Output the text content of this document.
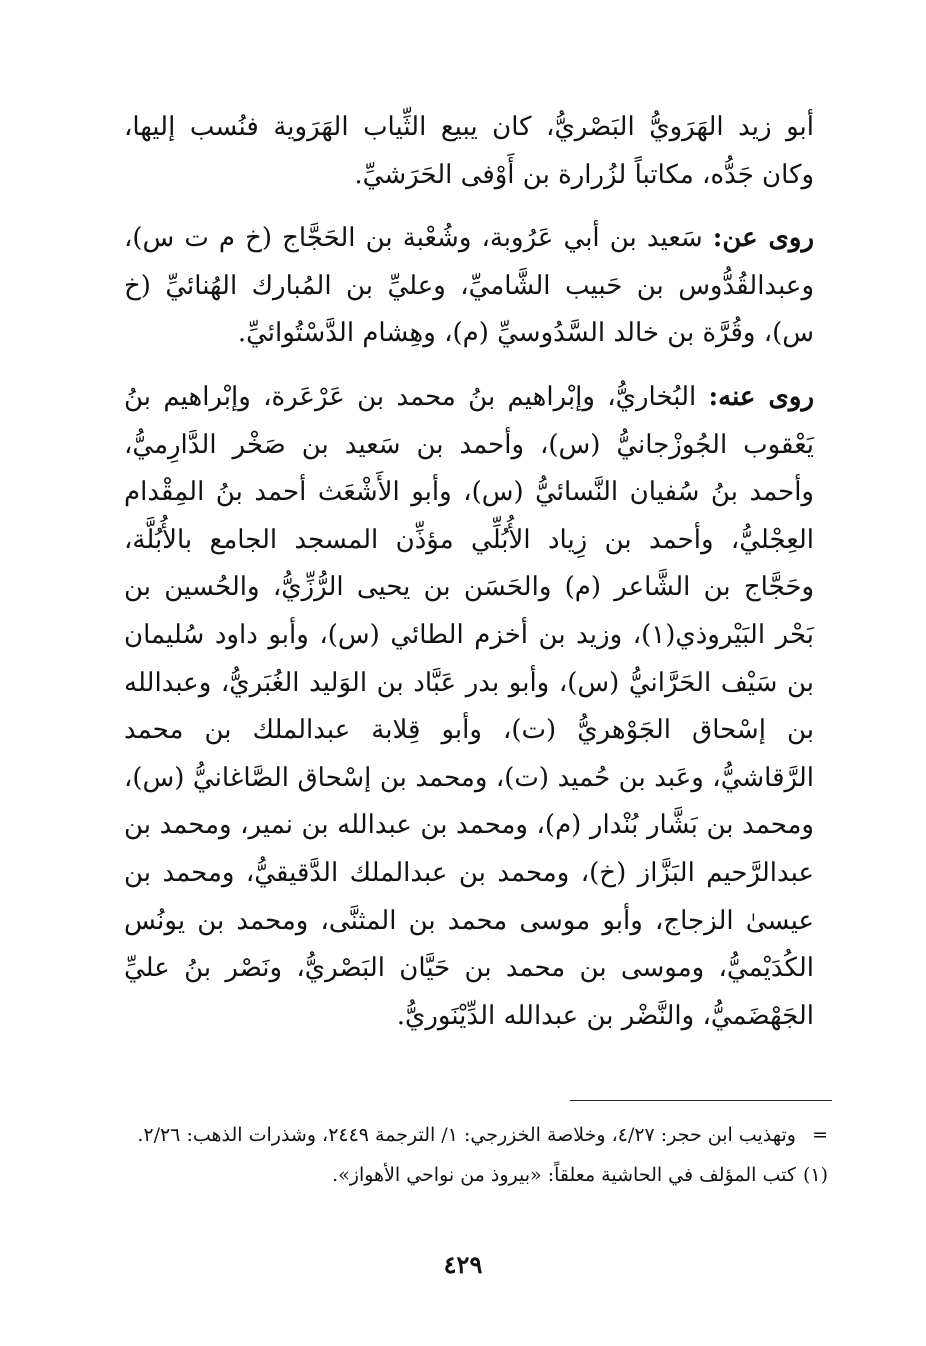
أبو زيد الهَرَويُّ البَصْريُّ، كان يبيع الثِّياب الهَرَوية فنُسب إليها، وكان جَدُّه، مكاتباً لزُرارة بن أَوْفى الحَرَشيِّ.

روى عن: سَعيد بن أبي عَرُوبة، وشُعْبة بن الحَجَّاج (خ م ت س)، وعبدالقُدُّوس بن حَبيب الشَّاميِّ، وعليِّ بن المُبارك الهُنائيِّ (خ س)، وقُرَّة بن خالد السَّدُوسيِّ (م)، وهِشام الدَّسْتُوائيِّ.

روى عنه: البُخاريُّ، وإبْراهيم بنُ محمد بن عَرْعَرة، وإبْراهيم بنُ يَعْقوب الجُوزْجانيُّ (س)، وأحمد بن سَعيد بن صَخْر الدَّارِميُّ، وأحمد بنُ سُفيان النَّسائيُّ (س)، وأبو الأَشْعَث أحمد بنُ المِقْدام العِجْليُّ، وأحمد بن زِياد الأُبُلِّي مؤذِّن المسجد الجامع بالأُبُلَّة، وحَجَّاج بن الشَّاعر (م) والحَسَن بن يحيى الرُّزِّيُّ، والحُسين بن بَحْر البَيْروذي(١)، وزيد بن أخزم الطائي (س)، وأبو داود سُليمان بن سَيْف الحَرَّانيُّ (س)، وأبو بدر عَبَّاد بن الوَليد الغُبَريُّ، وعبدالله بن إسْحاق الجَوْهريُّ (ت)، وأبو قِلابة عبدالملك بن محمد الرَّقاشيُّ، وعَبد بن حُميد (ت)، ومحمد بن إسْحاق الصَّاغانيُّ (س)، ومحمد بن بَشَّار بُنْدار (م)، ومحمد بن عبدالله بن نمير، ومحمد بن عبدالرَّحيم البَزَّاز (خ)، ومحمد بن عبدالملك الدَّقيقيُّ، ومحمد بن عيسىٰ الزجاج، وأبو موسى محمد بن المثنَّى، ومحمد بن يونُس الكُدَيْميُّ، وموسى بن محمد بن حَيَّان البَصْريُّ، ونَصْر بنُ عليِّ الجَهْضَميُّ، والنَّضْر بن عبدالله الدِّيْنَوريُّ.

= وتهذيب ابن حجر: ٤/٢٧، وخلاصة الخزرجي: ١/ الترجمة ٢٤٤٩، وشذرات الذهب: ٢/٢٦.

(١) كتب المؤلف في الحاشية معلقاً: «بيروذ من نواحي الأهواز».

٤٢٩
